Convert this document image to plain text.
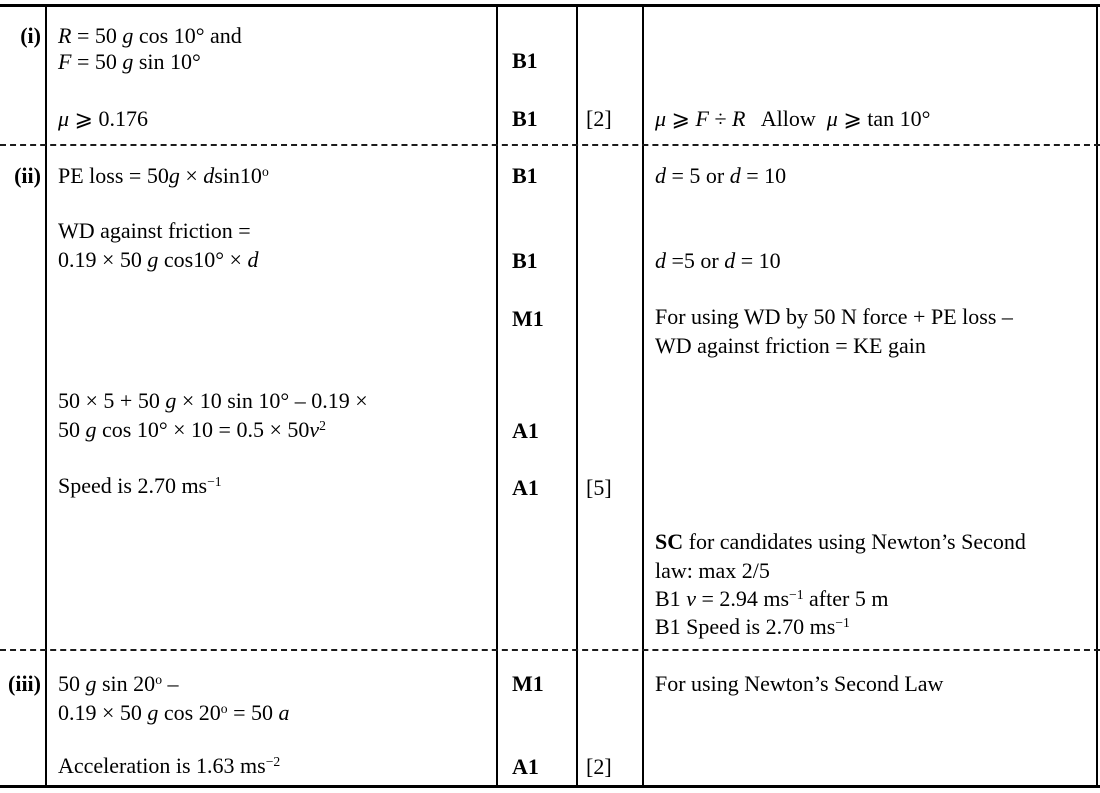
(i) R = 50 g cos 10° and
F = 50 g sin 10°
μ ⩾ 0.176
B1
B1 [2] μ ⩾ F ÷ R   Allow  μ ⩾ tan 10°
(ii) PE loss = $50g \times dsin10^o$
WD against friction =
0.19 × 50 g cos10° × d
50 × 5 + 50 g × 10 sin 10° – 0.19 ×
50 g $\cos 10^\circ \times 10 = 0.5 \times 50v^2$
Speed is 2.70 $ms^{-1}$
B1
B1
M1
A1
A1 [5]
d = 5 or d = 10
d =5 or d = 10
For using WD by 50 N force + PE loss –
WD against friction = KE gain
SC for candidates using Newton’s Second
law: max 2/5
B1 v = 2.94 $ms^{-1}$ after 5 m
B1 Speed is 2.70 $ms^{-1}$
(iii) 50 g sin 20$^o$ –
0.19 × 50 g $\cos 20^o = 50$ a
Acceleration is 1.63 $ms^{-2}$
M1
A1 [2]
For using Newton’s Second Law
